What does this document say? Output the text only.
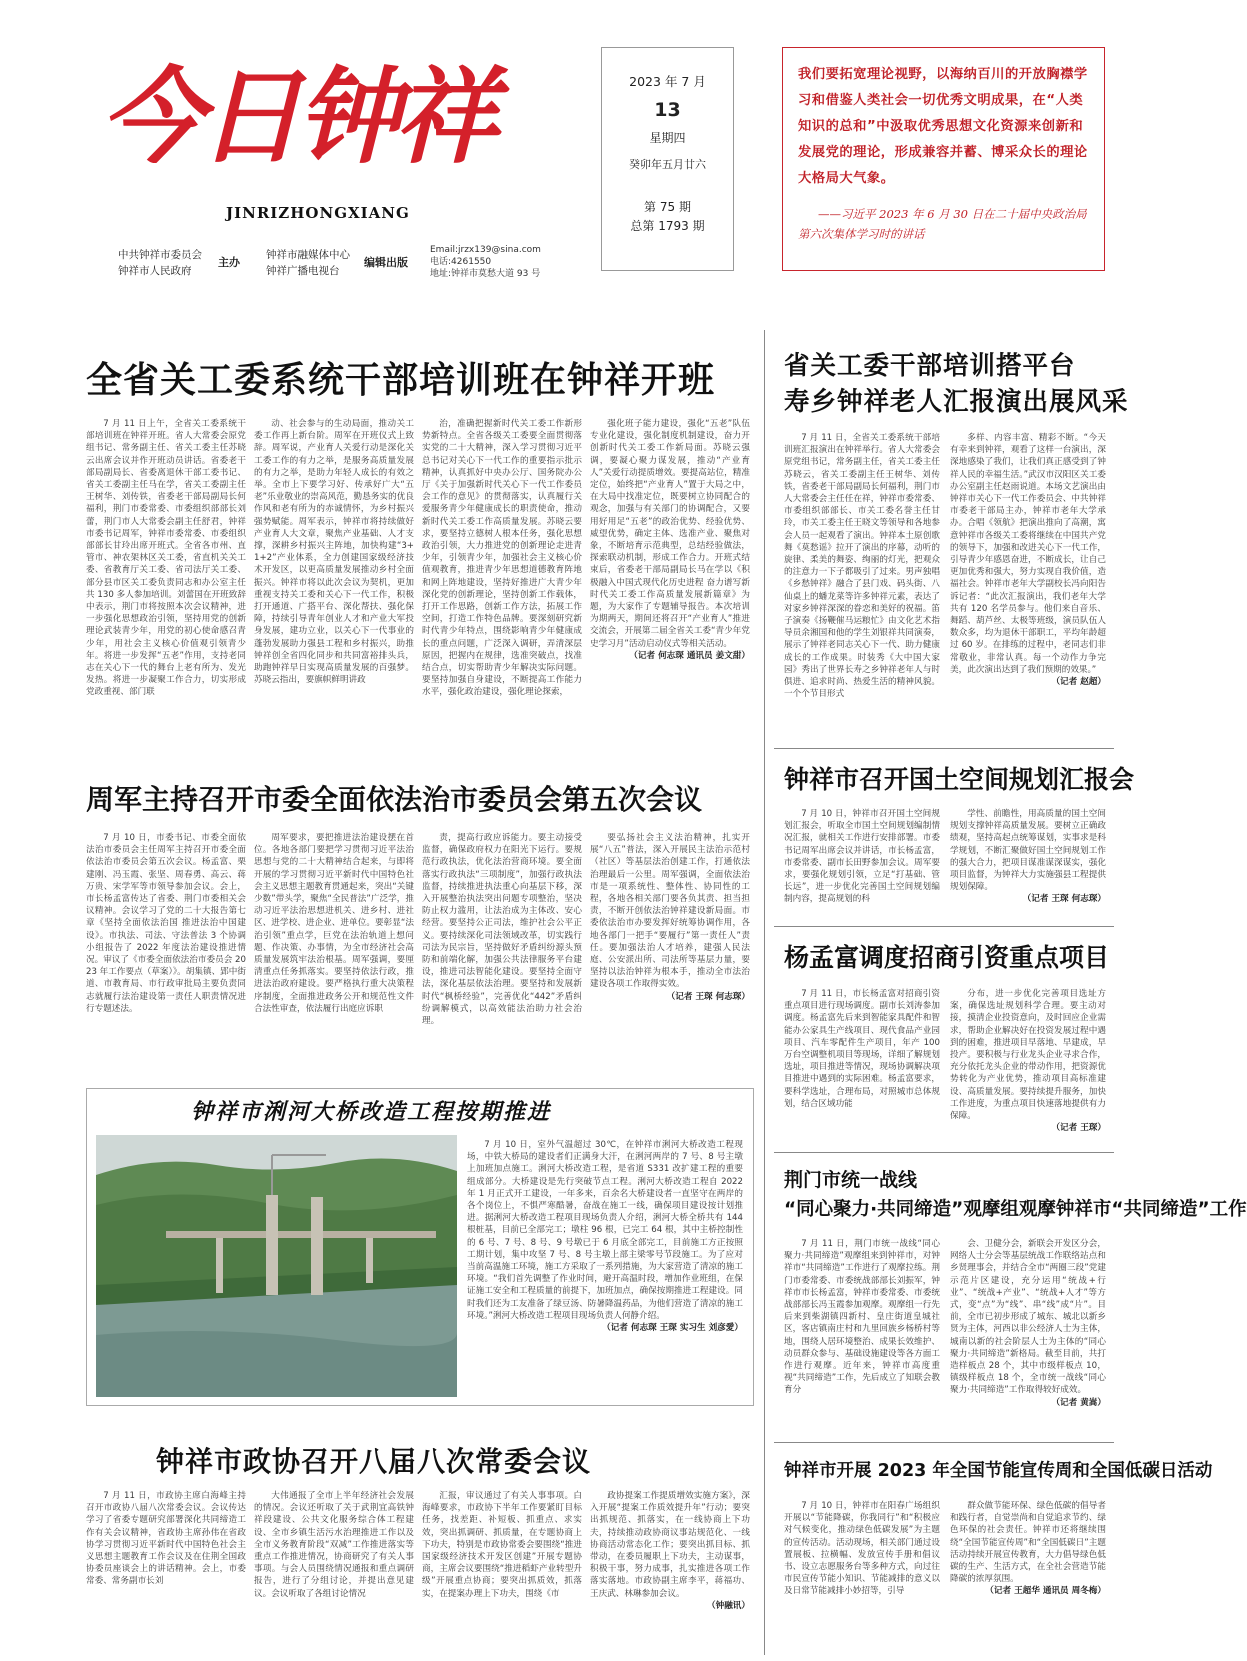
今日钟祥
JINRIZHONGXIANG
中共钟祥市委员会
钟祥市人民政府
主办
钟祥市融媒体中心
钟祥广播电视台
编辑出版
Email:jrzx139@sina.com
电话:4261550
地址:钟祥市莫愁大道 93 号
2023 年 7 月
13
星期四
癸卯年五月廿六
第 75 期
总第 1793 期
我们要拓宽理论视野，以海纳百川的开放胸襟学习和借鉴人类社会一切优秀文明成果，在“人类知识的总和”中汲取优秀思想文化资源来创新和发展党的理论，形成兼容并蓄、博采众长的理论大格局大气象。
——习近平 2023 年 6 月 30 日在二十届中央政治局第六次集体学习时的讲话
全省关工委系统干部培训班在钟祥开班

7 月 11 日上午，全省关工委系统干部培训班在钟祥开班。省人大常委会原党组书记、常务副主任、省关工委主任苏晓云出席会议并作开班动员讲话。省委老干部局副局长、省委离退休干部工委书记、省关工委副主任马在学，省关工委副主任王树华、刘传铁，省委老干部局副局长何福利，荆门市委常委、市委组织部部长刘蕾，荆门市人大常委会副主任舒君，钟祥市委书记周军，钟祥市委常委、市委组织部部长甘玲出席开班式。全省各市州、直管市、神农架林区关工委，省直机关关工委、省教育厅关工委、省司法厅关工委、部分县市区关工委负责同志和办公室主任共 130 多人参加培训。刘蕾国在开班致辞中表示，荆门市将按照本次会议精神，进一步强化思想政治引领，坚持用党的创新理论武装青少年，用党的初心使命感召青少年，用社会主义核心价值观引领青少年。将进一步发挥“五老”作用，支持老同志在关心下一代的舞台上老有所为、发光发热。将进一步凝聚工作合力，切实形成党政重视、部门联

动、社会参与的生动局面，推动关工委工作再上新台阶。周军在开班仪式上致辞。周军说，产业育人关爱行动是深化关工委工作的有力之举，是服务高质量发展的有力之举，是助力年轻人成长的有效之举。全市上下要学习好、传承好广大“五老”乐业敬业的崇高风范，勤恳务实的优良作风和老有所为的赤诚情怀，为乡村振兴强势赋能。周军表示，钟祥市将持续做好产业育人大文章，聚焦产业基础、人才支撑，深耕乡村振兴主阵地，加快构建“3+1+2”产业体系，全力创建国家级经济技术开发区，以更高质量发展推动乡村全面振兴。钟祥市将以此次会议为契机，更加重视支持关工委和关心下一代工作，积极打开通道、广搭平台、深化帮扶、强化保障，持续引导青年创业人才和产业大军投身发展，建功立业，以关心下一代事业的蓬勃发展助力强县工程和乡村振兴，助推钟祥创全省四化同步和共同富裕排头兵，助跑钟祥早日实现高质量发展的百强梦。苏晓云指出，要旗帜鲜明讲政

治，准确把握新时代关工委工作新形势新特点。全省各级关工委要全面贯彻落实党的二十大精神，深入学习贯彻习近平总书记对关心下一代工作的重要指示批示精神，认真抓好中央办公厅、国务院办公厅《关于加强新时代关心下一代工作委员会工作的意见》的贯彻落实，认真履行关爱服务青少年健康成长的职责使命，推动新时代关工委工作高质量发展。苏晓云要求，要坚持立德树人根本任务，强化思想政治引领，大力推进党的创新理论走进青少年，引领青少年，加强社会主义核心价值观教育，推进青少年思想道德教育阵地和网上阵地建设，坚持好推进广大青少年深化党的创新理论，坚持创新工作载体，打开工作思路，创新工作方法，拓展工作空间，打造工作特色品牌。要深刻研究新时代青少年特点，围绕影响青少年健康成长的重点问题，广泛深入调研，弄清深层原因，把握内在规律，选准突破点，找准结合点，切实帮助青少年解决实际问题。要坚持加强自身建设，不断提高工作能力水平，强化政治建设，强化理论探索，

强化班子能力建设，强化“五老”队伍专业化建设，强化制度机制建设，奋力开创新时代关工委工作新局面。苏晓云强调，要凝心聚力谋发展，推动“产业育人”关爱行动提质增效。要提高站位，精准定位，始终把“产业育人”置于大局之中，在大局中找准定位，既要树立协同配合的观念，加强与有关部门的协调配合，又要用好用足“五老”的政治优势、经验优势、威望优势，确定主体、选准产业、聚焦对象，不断培育示范典型，总结经验做法，探索联动机制，形成工作合力。开班式结束后，省委老干部局副局长马在学以《积极融入中国式现代化历史进程 奋力谱写新时代关工委工作高质量发展新篇章》为题，为大家作了专题辅导报告。本次培训为期两天，期间还将召开“产业育人”推进交流会，开展第二届全省关工委“青少年党史学习月”活动启动仪式等相关活动。

（记者 何志琛 通讯员 姜文甜）

省关工委干部培训搭平台
寿乡钟祥老人汇报演出展风采

7 月 11 日，全省关工委系统干部培训班汇报演出在钟祥举行。省人大常委会原党组书记，常务副主任，省关工委主任苏晓云，省关工委副主任王树华、刘传铁，省委老干部局副局长何福利，荆门市人大常委会主任任在祥，钟祥市委常委、市委组织部部长、市关工委名誉主任甘玲，市关工委主任王晓文等领导和各地参会人员一起观看了演出。钟祥本土原创歌舞《莫愁谣》拉开了演出的序幕，动听的旋律、柔美的舞姿、绚丽的灯光，把观众的注意力一下子都吸引了过来。男声独唱《乡愁钟祥》融合了县门戏、码头街、八仙桌上的蟠龙菜等许多钟祥元素，表达了对家乡钟祥深深的眷恋和美好的祝福。笛子演奏《扬鞭催马运粮忙》由文化艺术指导员余湘国和他的学生刘银祥共同演奏，展示了钟祥老同志关心下一代、助力健康成长的工作成果。时装秀《大中国大家园》秀出了世界长寿之乡钟祥老年人与时俱进、追求时尚、热爱生活的精神风貌。一个个节目形式

多样、内容丰富、精彩不断。“今天有幸来到钟祥，观看了这样一台演出，深深地感染了我们，让我们真正感受到了钟祥人民的幸福生活。”武汉市汉阳区关工委办公室副主任赵雨说道。本场文艺演出由钟祥市关心下一代工作委员会、中共钟祥市委老干部局主办，钟祥市老年大学承办。合唱《领航》把演出推向了高潮，寓意钟祥市各级关工委将继续在中国共产党的领导下，加强和改进关心下一代工作，引导青少年感恩奋进，不断成长，让自己更加优秀和强大，努力实现自我价值，造福社会。钟祥市老年大学副校长冯向阳告诉记者：“此次汇报演出，我们老年大学共有 120 名学员参与。他们来自音乐、舞蹈、葫芦丝、太极等班级，演员队伍人数众多，均为退休干部职工，平均年龄超过 60 岁。在排练的过程中，老同志们非常敬业，非常认真。每一个动作力争完美，此次演出达到了我们预期的效果。”

（记者 赵超）

周军主持召开市委全面依法治市委员会第五次会议

7 月 10 日，市委书记、市委全面依法治市委员会主任周军主持召开市委全面依法治市委员会第五次会议。杨孟富、栗建刚、冯玉霞、张坚、周春勇、高云、蒋万贵、宋学军等市领导参加会议。会上，市长杨孟富传达了省委、荆门市委相关会议精神。会议学习了党的二十大报告第七章《坚持全面依法治国 推进法治中国建设》。市执法、司法、守法普法 3 个协调小组报告了 2022 年度法治建设推进情况。审议了《市委全面依法治市委员会 2023 年工作要点（草案）》。胡集镇、郢中街道、市教育局、市行政审批局主要负责同志就履行法治建设第一责任人职责情况进行专题述法。

周军要求，要把推进法治建设摆在首位。各地各部门要把学习贯彻习近平法治思想与党的二十大精神结合起来，与即将开展的学习贯彻习近平新时代中国特色社会主义思想主题教育贯通起来，突出“关键少数”带头学，聚焦“全民普法”广泛学，推动习近平法治思想进机关、进乡村、进社区、进学校、进企业、进单位。要彰显“法治引领”重点学，巨党在法治轨道上想问题、作决策、办事情，为全市经济社会高质量发展筑牢法治根基。周军强调，要厘清重点任务抓落实。要坚持依法行政，推进法治政府建设。要严格执行重大决策程序制度，全面推进政务公开和规范性文件合法性审查，依法履行出庭应诉职

责，提高行政应诉能力。要主动接受监督，确保政府权力在阳光下运行。要规范行政执法，优化法治营商环境。要全面落实行政执法“三项制度”，加强行政执法监督，持续推进执法重心向基层下移，深入开展整治执法突出问题专项整治，坚决防止权力滥用，让法治成为主体改、安心经营。要坚持公正司法，维护社会公平正义。要持续深化司法领域改革，切实践行司法为民宗旨，坚持做好矛盾纠纷源头预防和前端化解，加强公共法律服务平台建设，推进司法智能化建设。要坚持全面守法，深化基层依法治理。要坚持和发展新时代“枫桥经验”，完善优化“442”矛盾纠纷调解模式，以高效能法治助力社会治理。

要弘扬社会主义法治精神，扎实开展“八五”普法，深入开展民主法治示范村（社区）等基层法治创建工作，打通依法治理最后一公里。周军强调，全面依法治市是一项系统性、整体性、协同性的工程，各地各相关部门要各负其责、担当担责，不断开创依法治钟祥建设新局面。市委依法治市办要发挥好统筹协调作用，各地各部门一把手“要履行”第一责任人”责任。要加强法治人才培养，建强人民法庭、公安派出所、司法所等基层力量，要坚持以法治钟祥为根本手，推动全市法治建设各项工作取得实效。

（记者 王琛 何志琛）

钟祥市召开国土空间规划汇报会

7 月 10 日，钟祥市召开国土空间规划汇报会，听取全市国土空间规划编制情况汇报，就相关工作进行安排部署。市委书记周军出席会议并讲话，市长杨孟富，市委常委、副市长田野参加会议。周军要求，要强化规划引领，立足“打基础、管长远”，进一步优化完善国土空间规划编制内容，提高规划的科

学性、前瞻性，用高质量的国土空间规划支撑钟祥高质量发展。要树立正确政绩观，坚持高起点统筹谋划，实事求是科学规划，不断汇聚做好国土空间规划工作的强大合力，把项目谋准谋深谋实，强化项目监督，为钟祥大力实施强县工程提供规划保障。

（记者 王琛 何志琛）

杨孟富调度招商引资重点项目

7 月 11 日，市长杨孟富对招商引资重点项目进行现场调度。副市长刘涛参加调度。杨孟富先后来到智能家具配件和智能办公家具生产线项目、现代食品产业园项目、汽车零配件生产项目，年产 100 万台空调整机项目等现场，详细了解规划选址，项目推进等情况，现场协调解决项目推进中遇到的实际困难。杨孟富要求，要科学选址，合理布局，对照城市总体规划，结合区域功能

分布，进一步优化完善项目选址方案，确保选址规划科学合理。要主动对接，摸清企业投资意向，及时回应企业需求，帮助企业解决好在投资发展过程中遇到的困难，推进项目早落地、早建成，早投产。要积极与行业龙头企业寻求合作，充分依托龙头企业的带动作用，把资源优势转化为产业优势，推动项目高标准建设、高质量发展。要持续提升服务，加快工作进度，为重点项目快速落地提供有力保障。

（记者 王琛）

钟祥市浰河大桥改造工程按期推进

7 月 10 日，室外气温超过 30℃，在钟祥市浰河大桥改造工程现场，中铁大桥局的建设者们正满身大汗，在浰河两岸的 7 号、8 号主墩上加班加点施工。浰河大桥改造工程，是省道 S331 改扩建工程的重要组成部分。大桥建设是先行突破节点工程。浰河大桥改造工程自 2022 年 1 月正式开工建设，一年多来，百余名大桥建设者一直坚守在两岸的各个岗位上，不惧严寒酷暑，奋战在施工一线，确保项目建设按计划推进。据浰河大桥改造工程项目现场负责人介绍，浰河大桥全桥共有 144 根桩基，目前已全部完工；墩柱 96 根，已完工 64 根，其中主桥控制性的 6 号、7 号、8 号、9 号墩已于 6 月底全部完工，目前施工方正按照工期计划，集中攻坚 7 号、8 号主墩上部主梁零号节段施工。为了应对当前高温施工环境，施工方采取了一系列措施，为大家营造了清凉的施工环境。“我们首先调整了作业时间，避开高温时段，增加作业班组，在保证施工安全和工程质量的前提下，加班加点，确保按期推进工程建设。同时我们还为工友准备了绿豆汤、防暑降温药品，为他们营造了清凉的施工环境。”浰河大桥改造工程项目现场负责人何静介绍。

（记者 何志琛 王琛 实习生 刘彦愛）

荆门市统一战线
“同心聚力·共同缔造”观摩组观摩钟祥市“共同缔造”工作

7 月 11 日，荆门市统一战线“同心聚力·共同缔造”观摩组来到钟祥市，对钟祥市“共同缔造”工作进行了观摩拉练。荆门市委常委、市委统战部部长刘振军，钟祥市市长杨孟富，钟祥市委常委、市委统战部部长冯玉霞参加观摩。观摩组一行先后来到柴湖镇四新村、皇庄街道皇城社区，客店镇南庄村和九里回族乡杨桥村等地，围绕人居环境整治、成果长效维护、动员群众参与、基础设施建设等各方面工作进行观摩。近年来，钟祥市高度重视“共同缔造”工作，先后成立了知联会教育分

会、卫健分会，新联会开发区分会，网络人士分会等基层统战工作联络站点和乡贤理事会，并结合全市“两圈三段”党建示范片区建设，充分运用“统战+行业”、“统战+产业”、“统战+人才”等方式，变“点”为“线”、串“线”成“片”。目前，全市已初步形成了城东、城北以新乡贤为主体，河西以非公经济人士为主体，城南以新的社会阶层人士为主体的“同心聚力·共同缔造”新格局。截至目前，共打造样板点 28 个，其中市级样板点 10，镇级样板点 18 个，全市统一战线“同心聚力·共同缔造”工作取得较好成效。

（记者 黄嵩）

钟祥市政协召开八届八次常委会议

7 月 11 日，市政协主席白海峰主持召开市政协八届八次常委会议。会议传达学习了省委专题研究部署深化共同缔造工作有关会议精神，省政协主席孙伟在省政协学习贯彻习近平新时代中国特色社会主义思想主题教育工作会议及在住荆全国政协委员座谈会上的讲话精神。会上，市委常委、常务副市长刘

大伟通报了全市上半年经济社会发展的情况。会议还听取了关于武荆宜高铁钟祥段建设、公共文化服务综合体工程建设、全市乡镇生活污水治理推进工作以及全市义务教育阶段“双减”工作推进落实等重点工作推进情况，协商研究了有关人事事项。与会人员围绕情况通报和重点调研报告，进行了分组讨论，并提出意见建议。会议听取了各组讨论情况

汇报，审议通过了有关人事事项。白海峰要求，市政协下半年工作要紧盯目标任务，找差距、补短板、抓重点、求实效，突出抓调研、抓质量，在专题协商上下功夫，特别是市政协常委会要围绕“推进国家级经济技术开发区创建”开展专题协商，主席会议要围绕“推进稻虾产业转型升级”开展重点协商；要突出抓质效，抓落实，在提案办理上下功夫，围绕《市

政协提案工作提质增效实施方案》，深入开展“提案工作质效提升年”行动；要突出抓规范、抓落实，在一线协商上下功夫，持续推动政协商议事站规范化、一线协商活动常态化工作；要突出抓目标、抓带动，在委员履职上下功夫，主动谋事，积极干事，努力成事，扎实推进各项工作落实落地。市政协副主席李平，蒋福功、王庆武、林琳参加会议。

（钟融讯）

钟祥市开展 2023 年全国节能宣传周和全国低碳日活动

7 月 10 日，钟祥市在阳春广场组织开展以“节能降碳，你我同行”和“积极应对气候变化，推动绿色低碳发展”为主题的宣传活动。活动现场，相关部门通过设置展板、拉横幅、发放宣传手册和倡议书、设立志愿服务台等多种方式，向过往市民宣传节能小知识、节能减排的意义以及日常节能减排小妙招等，引导

群众做节能环保、绿色低碳的倡导者和践行者，自觉崇尚和自觉追求节约、绿色环保的社会责任。钟祥市还将继续围绕“全国节能宣传周”和“全国低碳日”主题活动持续开展宣传教育，大力倡导绿色低碳的生产、生活方式，在全社会营造节能降碳的浓厚氛围。

（记者 王超华 通讯员 周冬梅）
